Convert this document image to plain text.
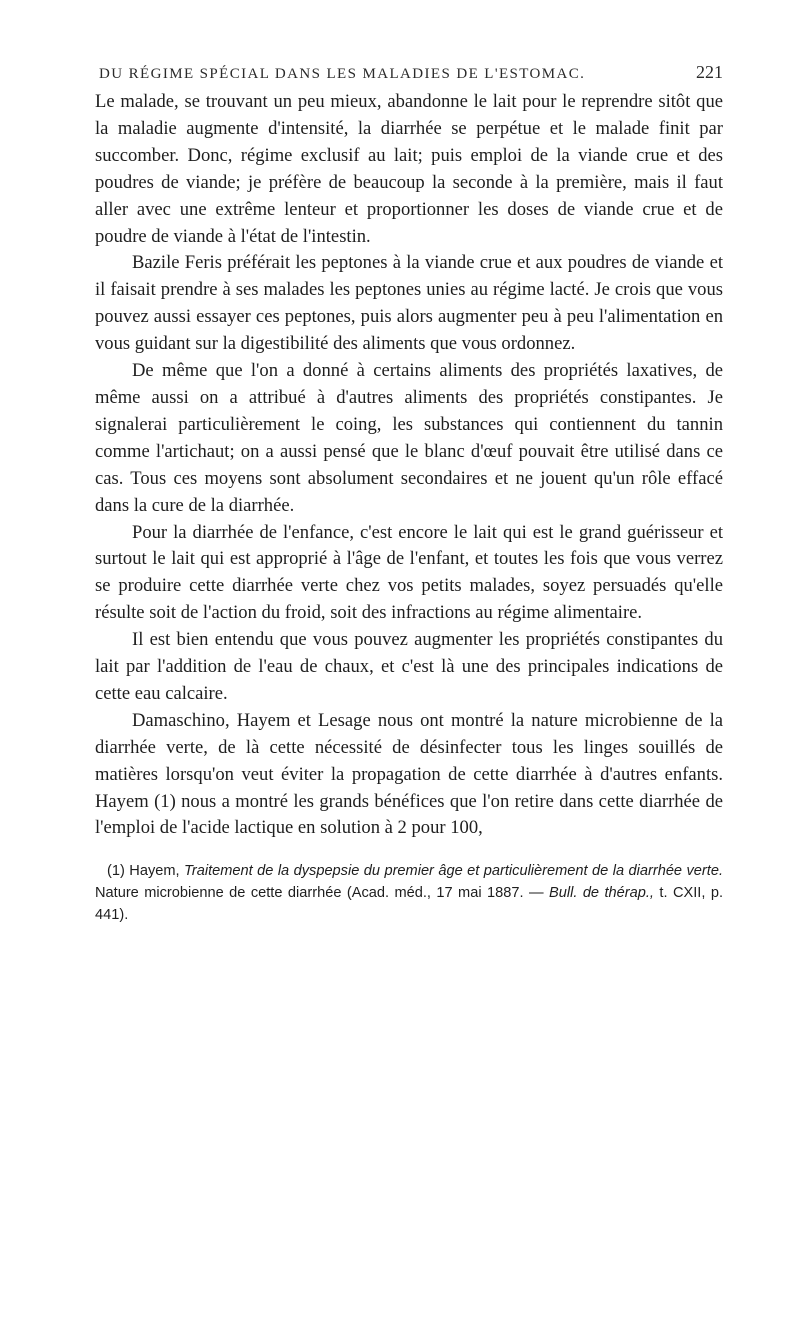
DU RÉGIME SPÉCIAL DANS LES MALADIES DE L'ESTOMAC.	221

Le malade, se trouvant un peu mieux, abandonne le lait pour le reprendre sitôt que la maladie augmente d'intensité, la diarrhée se perpétue et le malade finit par succomber. Donc, régime exclusif au lait; puis emploi de la viande crue et des poudres de viande; je préfère de beaucoup la seconde à la première, mais il faut aller avec une extrême lenteur et proportionner les doses de viande crue et de poudre de viande à l'état de l'intestin.

Bazile Feris préférait les peptones à la viande crue et aux poudres de viande et il faisait prendre à ses malades les peptones unies au régime lacté. Je crois que vous pouvez aussi essayer ces peptones, puis alors augmenter peu à peu l'alimentation en vous guidant sur la digestibilité des aliments que vous ordonnez.

De même que l'on a donné à certains aliments des propriétés laxatives, de même aussi on a attribué à d'autres aliments des propriétés constipantes. Je signalerai particulièrement le coing, les substances qui contiennent du tannin comme l'artichaut; on a aussi pensé que le blanc d'œuf pouvait être utilisé dans ce cas. Tous ces moyens sont absolument secondaires et ne jouent qu'un rôle effacé dans la cure de la diarrhée.

Pour la diarrhée de l'enfance, c'est encore le lait qui est le grand guérisseur et surtout le lait qui est approprié à l'âge de l'enfant, et toutes les fois que vous verrez se produire cette diarrhée verte chez vos petits malades, soyez persuadés qu'elle résulte soit de l'action du froid, soit des infractions au régime alimentaire.

Il est bien entendu que vous pouvez augmenter les propriétés constipantes du lait par l'addition de l'eau de chaux, et c'est là une des principales indications de cette eau calcaire.

Damaschino, Hayem et Lesage nous ont montré la nature microbienne de la diarrhée verte, de là cette nécessité de désinfecter tous les linges souillés de matières lorsqu'on veut éviter la propagation de cette diarrhée à d'autres enfants. Hayem (1) nous a montré les grands bénéfices que l'on retire dans cette diarrhée de l'emploi de l'acide lactique en solution à 2 pour 100,

(1) Hayem, Traitement de la dyspepsie du premier âge et particulièrement de la diarrhée verte. Nature microbienne de cette diarrhée (Acad. méd., 17 mai 1887. — Bull. de thérap., t. CXII, p. 441).
